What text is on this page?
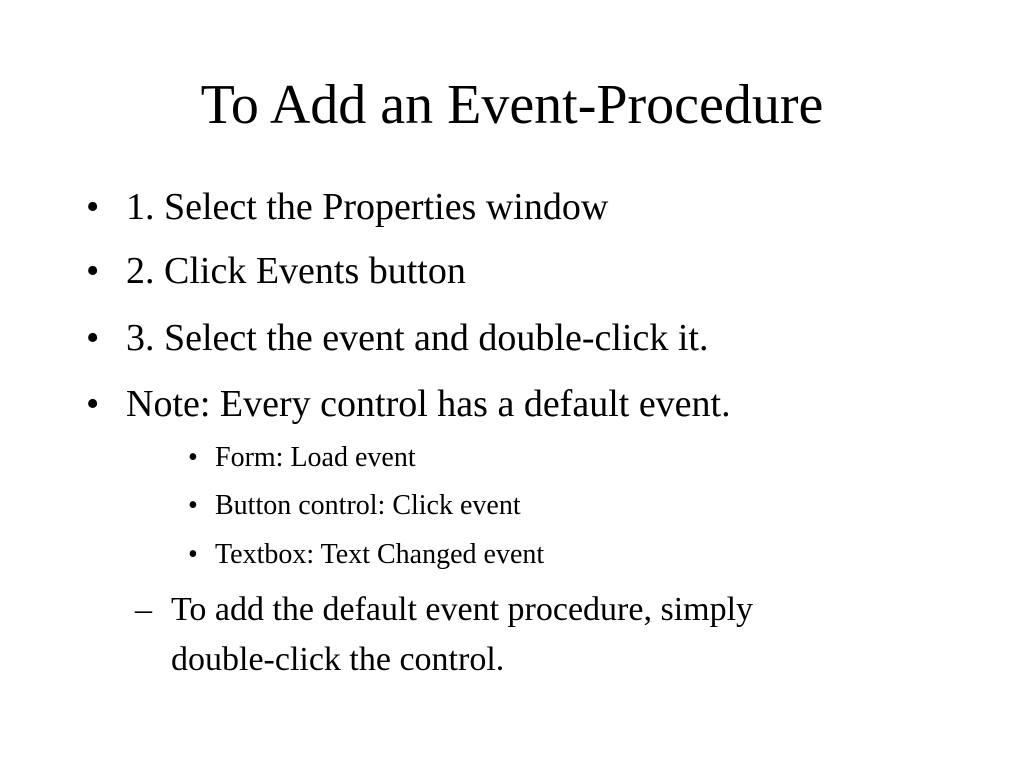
To Add an Event-Procedure
• 1. Select the Properties window
• 2. Click Events button
• 3. Select the event and double-click it.
• Note: Every control has a default event.
• Form: Load event
• Button control: Click event
• Textbox: Text Changed event
– To add the default event procedure, simply
double-click the control.
